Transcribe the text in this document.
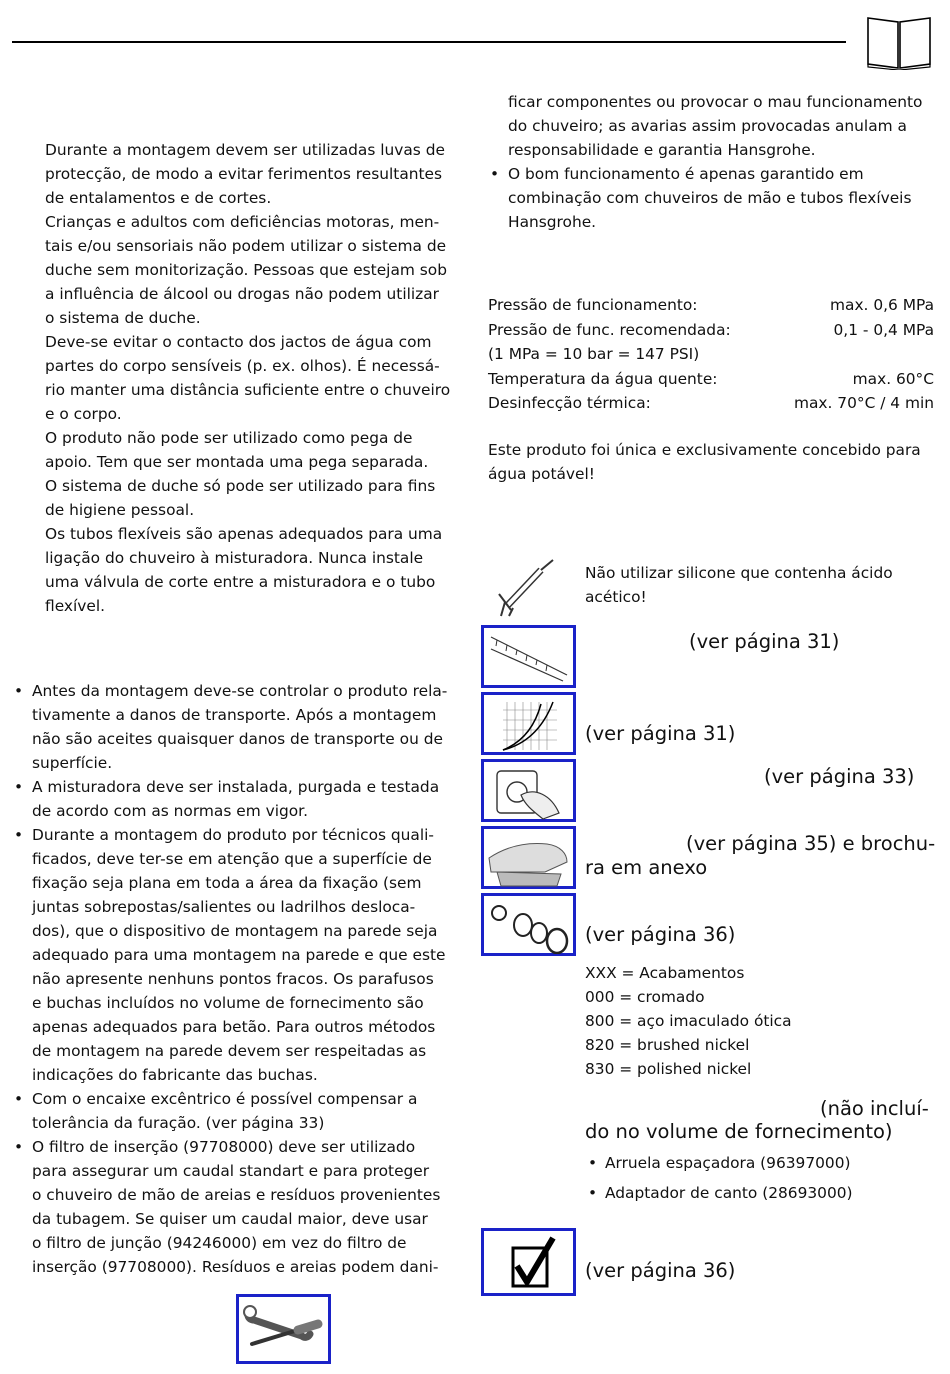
Durante a montagem devem ser utilizadas luvas de
protecção, de modo a evitar ferimentos resultantes
de entalamentos e de cortes.
Crianças e adultos com deficiências motoras, men-
tais e/ou sensoriais não podem utilizar o sistema de
duche sem monitorização. Pessoas que estejam sob
a influência de álcool ou drogas não podem utilizar
o sistema de duche.
Deve-se evitar o contacto dos jactos de água com
partes do corpo sensíveis (p. ex. olhos). É necessá-
rio manter uma distância suficiente entre o chuveiro
e o corpo.
O produto não pode ser utilizado como pega de
apoio. Tem que ser montada uma pega separada.
O sistema de duche só pode ser utilizado para fins
de higiene pessoal.
Os tubos flexíveis são apenas adequados para uma
ligação do chuveiro à misturadora. Nunca instale
uma válvula de corte entre a misturadora e o tubo
flexível.
• Antes da montagem deve-se controlar o produto rela-
tivamente a danos de transporte. Após a montagem
não são aceites quaisquer danos de transporte ou de
superfície.
• A misturadora deve ser instalada, purgada e testada
de acordo com as normas em vigor.
• Durante a montagem do produto por técnicos quali-
ficados, deve ter-se em atenção que a superfície de
fixação seja plana em toda a área da fixação (sem
juntas sobrepostas/salientes ou ladrilhos desloca-
dos), que o dispositivo de montagem na parede seja
adequado para uma montagem na parede e que este
não apresente nenhuns pontos fracos. Os parafusos
e buchas incluídos no volume de fornecimento são
apenas adequados para betão. Para outros métodos
de montagem na parede devem ser respeitadas as
indicações do fabricante das buchas.
• Com o encaixe excêntrico é possível compensar a
tolerância da furação. (ver página 33)
• O filtro de inserção (97708000) deve ser utilizado
para assegurar um caudal standart e para proteger
o chuveiro de mão de areias e resíduos provenientes
da tubagem. Se quiser um caudal maior, deve usar
o filtro de junção (94246000) em vez do filtro de
inserção (97708000). Resíduos e areias podem dani-
ficar componentes ou provocar o mau funcionamento
do chuveiro; as avarias assim provocadas anulam a
responsabilidade e garantia Hansgrohe.
• O bom funcionamento é apenas garantido em
combinação com chuveiros de mão e tubos flexíveis
Hansgrohe.
Pressão de funcionamento:	max. 0,6 MPa
Pressão de func. recomendada:	0,1 - 0,4 MPa
(1 MPa = 10 bar = 147 PSI)
Temperatura da água quente:	max. 60°C
Desinfecção térmica:	max. 70°C / 4 min
Este produto foi única e exclusivamente concebido para
água potável!
Não utilizar silicone que contenha ácido
acético!
(ver página 31)
(ver página 31)
(ver página 33)
(ver página 35) e brochu-
ra em anexo
(ver página 36)
XXX = Acabamentos
000 = cromado
800 = aço imaculado ótica
820 = brushed nickel
830 = polished nickel
(não incluí-
do no volume de fornecimento)
• Arruela espaçadora (96397000)
• Adaptador de canto (28693000)
(ver página 36)
